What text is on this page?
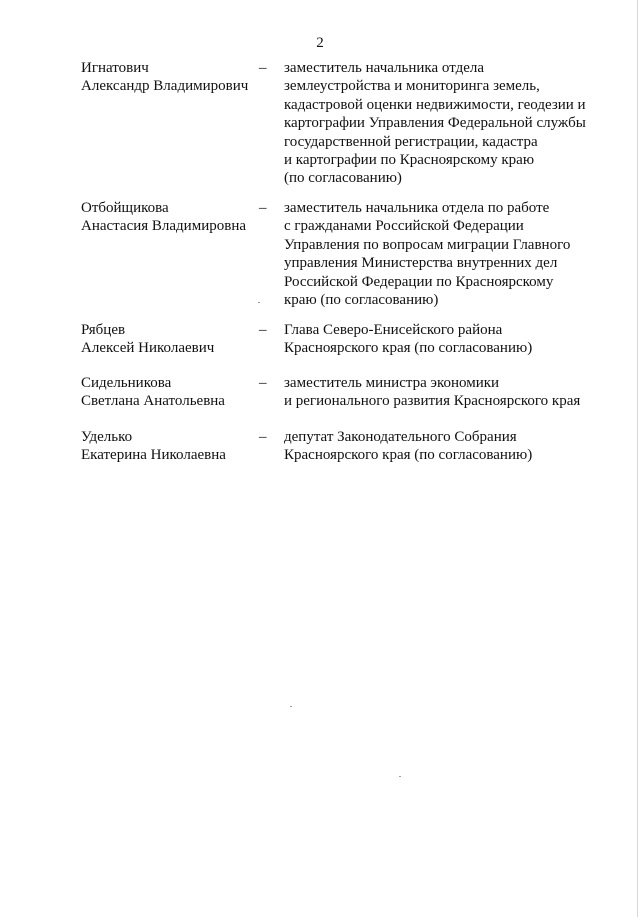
2
Игнатович
Александр Владимирович
– заместитель начальника отдела
землеустройства и мониторинга земель,
кадастровой оценки недвижимости, геодезии и
картографии Управления Федеральной службы
государственной регистрации, кадастра
и картографии по Красноярскому краю
(по согласованию)
Отбойщикова
Анастасия Владимировна
– заместитель начальника отдела по работе
с гражданами Российской Федерации
Управления по вопросам миграции Главного
управления Министерства внутренних дел
Российской Федерации по Красноярскому
краю (по согласованию)
Рябцев
Алексей Николаевич
– Глава Северо-Енисейского района
Красноярского края (по согласованию)
Сидельникова
Светлана Анатольевна
– заместитель министра экономики
и регионального развития Красноярского края
Уделько
Екатерина Николаевна
– депутат Законодательного Собрания
Красноярского края (по согласованию)
